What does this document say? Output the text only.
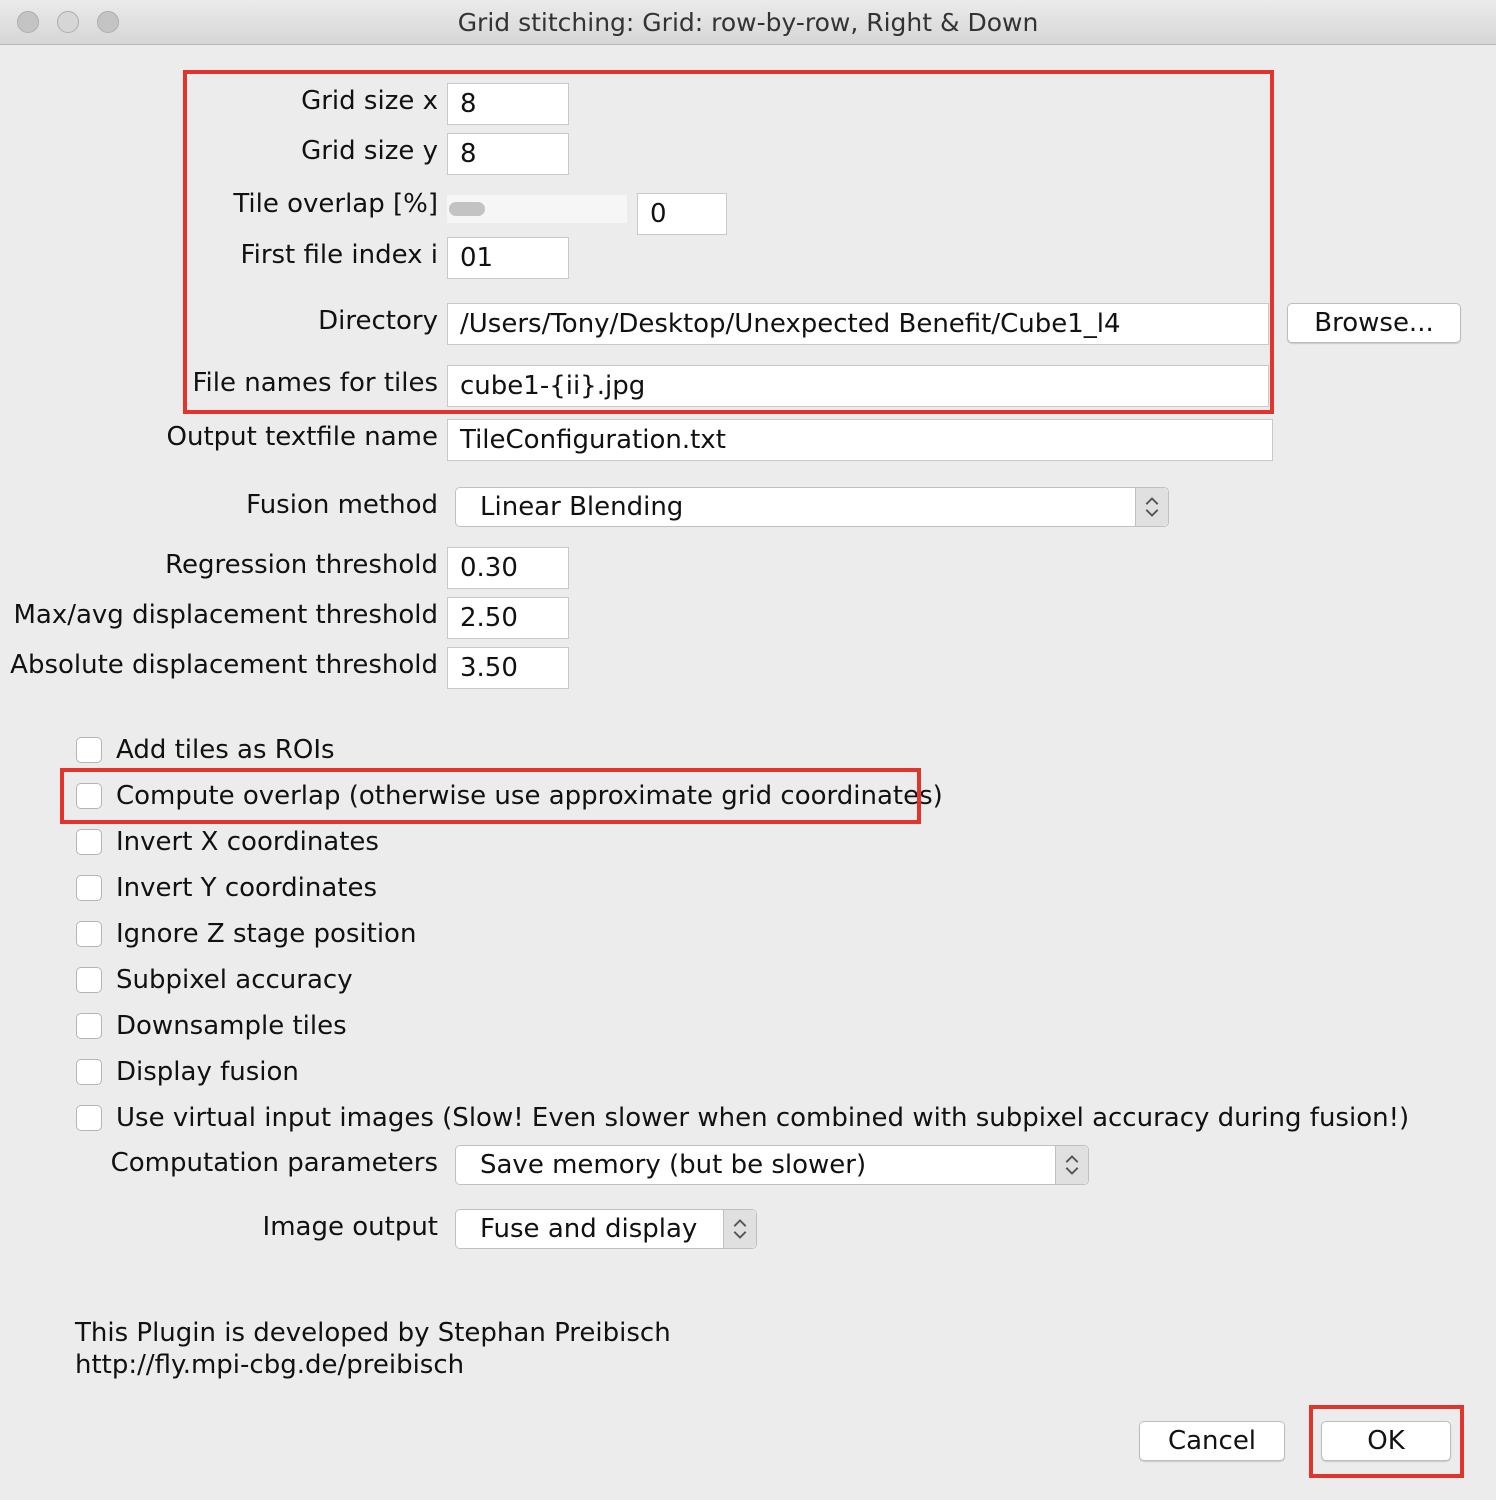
Grid stitching: Grid: row-by-row, Right & Down
Grid size x 8
Grid size y 8
Tile overlap [%]	0
First file index i 01
Directory /Users/Tony/Desktop/Unexpected Benefit/Cube1_l4	Browse...
File names for tiles cube1-{ii}.jpg
Output textfile name TileConfiguration.txt
Fusion method Linear Blending
Regression threshold 0.30
Max/avg displacement threshold 2.50
Absolute displacement threshold 3.50
Add tiles as ROIs
Compute overlap (otherwise use approximate grid coordinates)
Invert X coordinates
Invert Y coordinates
Ignore Z stage position
Subpixel accuracy
Downsample tiles
Display fusion
Use virtual input images (Slow! Even slower when combined with subpixel accuracy during fusion!)
Computation parameters Save memory (but be slower)
Image output Fuse and display
This Plugin is developed by Stephan Preibisch
http://fly.mpi-cbg.de/preibisch
Cancel	OK
